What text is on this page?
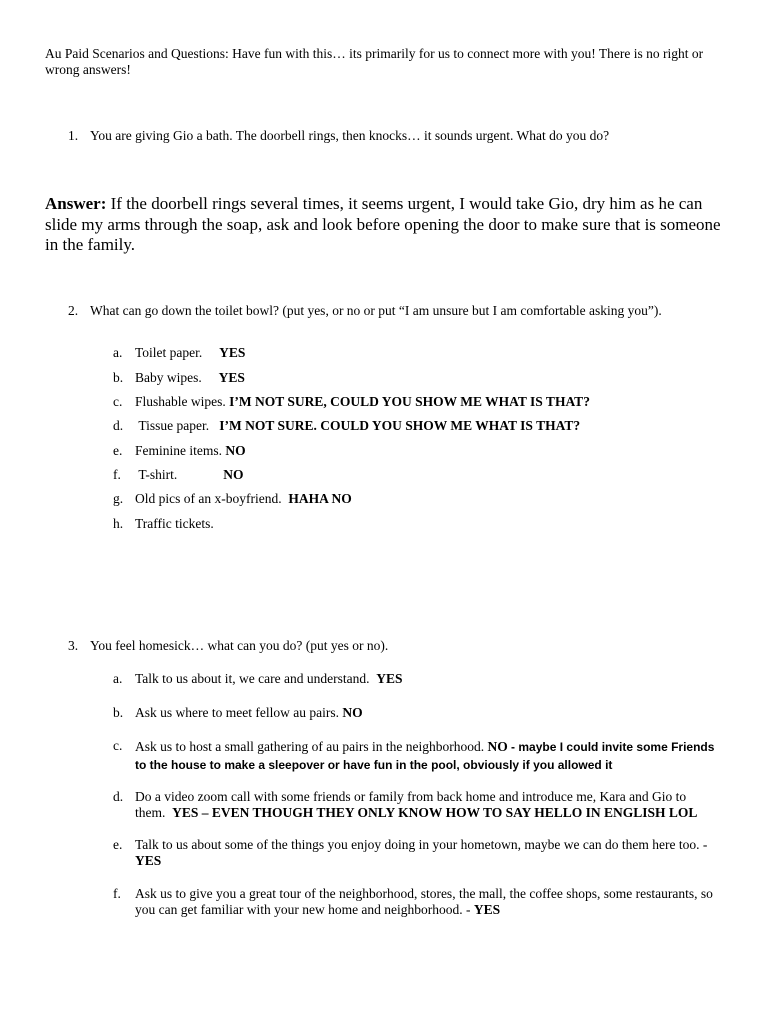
Au Paid Scenarios and Questions: Have fun with this… its primarily for us to connect more with you! There is no right or wrong answers!
1. You are giving Gio a bath. The doorbell rings, then knocks… it sounds urgent. What do you do?
Answer: If the doorbell rings several times, it seems urgent, I would take Gio, dry him as he can slide my arms through the soap, ask and look before opening the door to make sure that is someone in the family.
2. What can go down the toilet bowl? (put yes, or no or put “I am unsure but I am comfortable asking you”).
a. Toilet paper. YES
b. Baby wipes. YES
c. Flushable wipes. I’M NOT SURE, COULD YOU SHOW ME WHAT IS THAT?
d.	Tissue paper. I’M NOT SURE. COULD YOU SHOW ME WHAT IS THAT?
e. Feminine items. NO
f.	T-shirt.	NO
g. Old pics of an x-boyfriend. HAHA NO
h. Traffic tickets.
3. You feel homesick… what can you do? (put yes or no).
a. Talk to us about it, we care and understand. YES
b. Ask us where to meet fellow au pairs. NO
c. Ask us to host a small gathering of au pairs in the neighborhood. NO - maybe I could invite some Friends to the house to make a sleepover or have fun in the pool, obviously if you allowed it
d. Do a video zoom call with some friends or family from back home and introduce me, Kara and Gio to them. YES – EVEN THOUGH THEY ONLY KNOW HOW TO SAY HELLO IN ENGLISH LOL
e. Talk to us about some of the things you enjoy doing in your hometown, maybe we can do them here too. - YES
f.	Ask us to give you a great tour of the neighborhood, stores, the mall, the coffee shops, some restaurants, so you can get familiar with your new home and neighborhood. - YES
